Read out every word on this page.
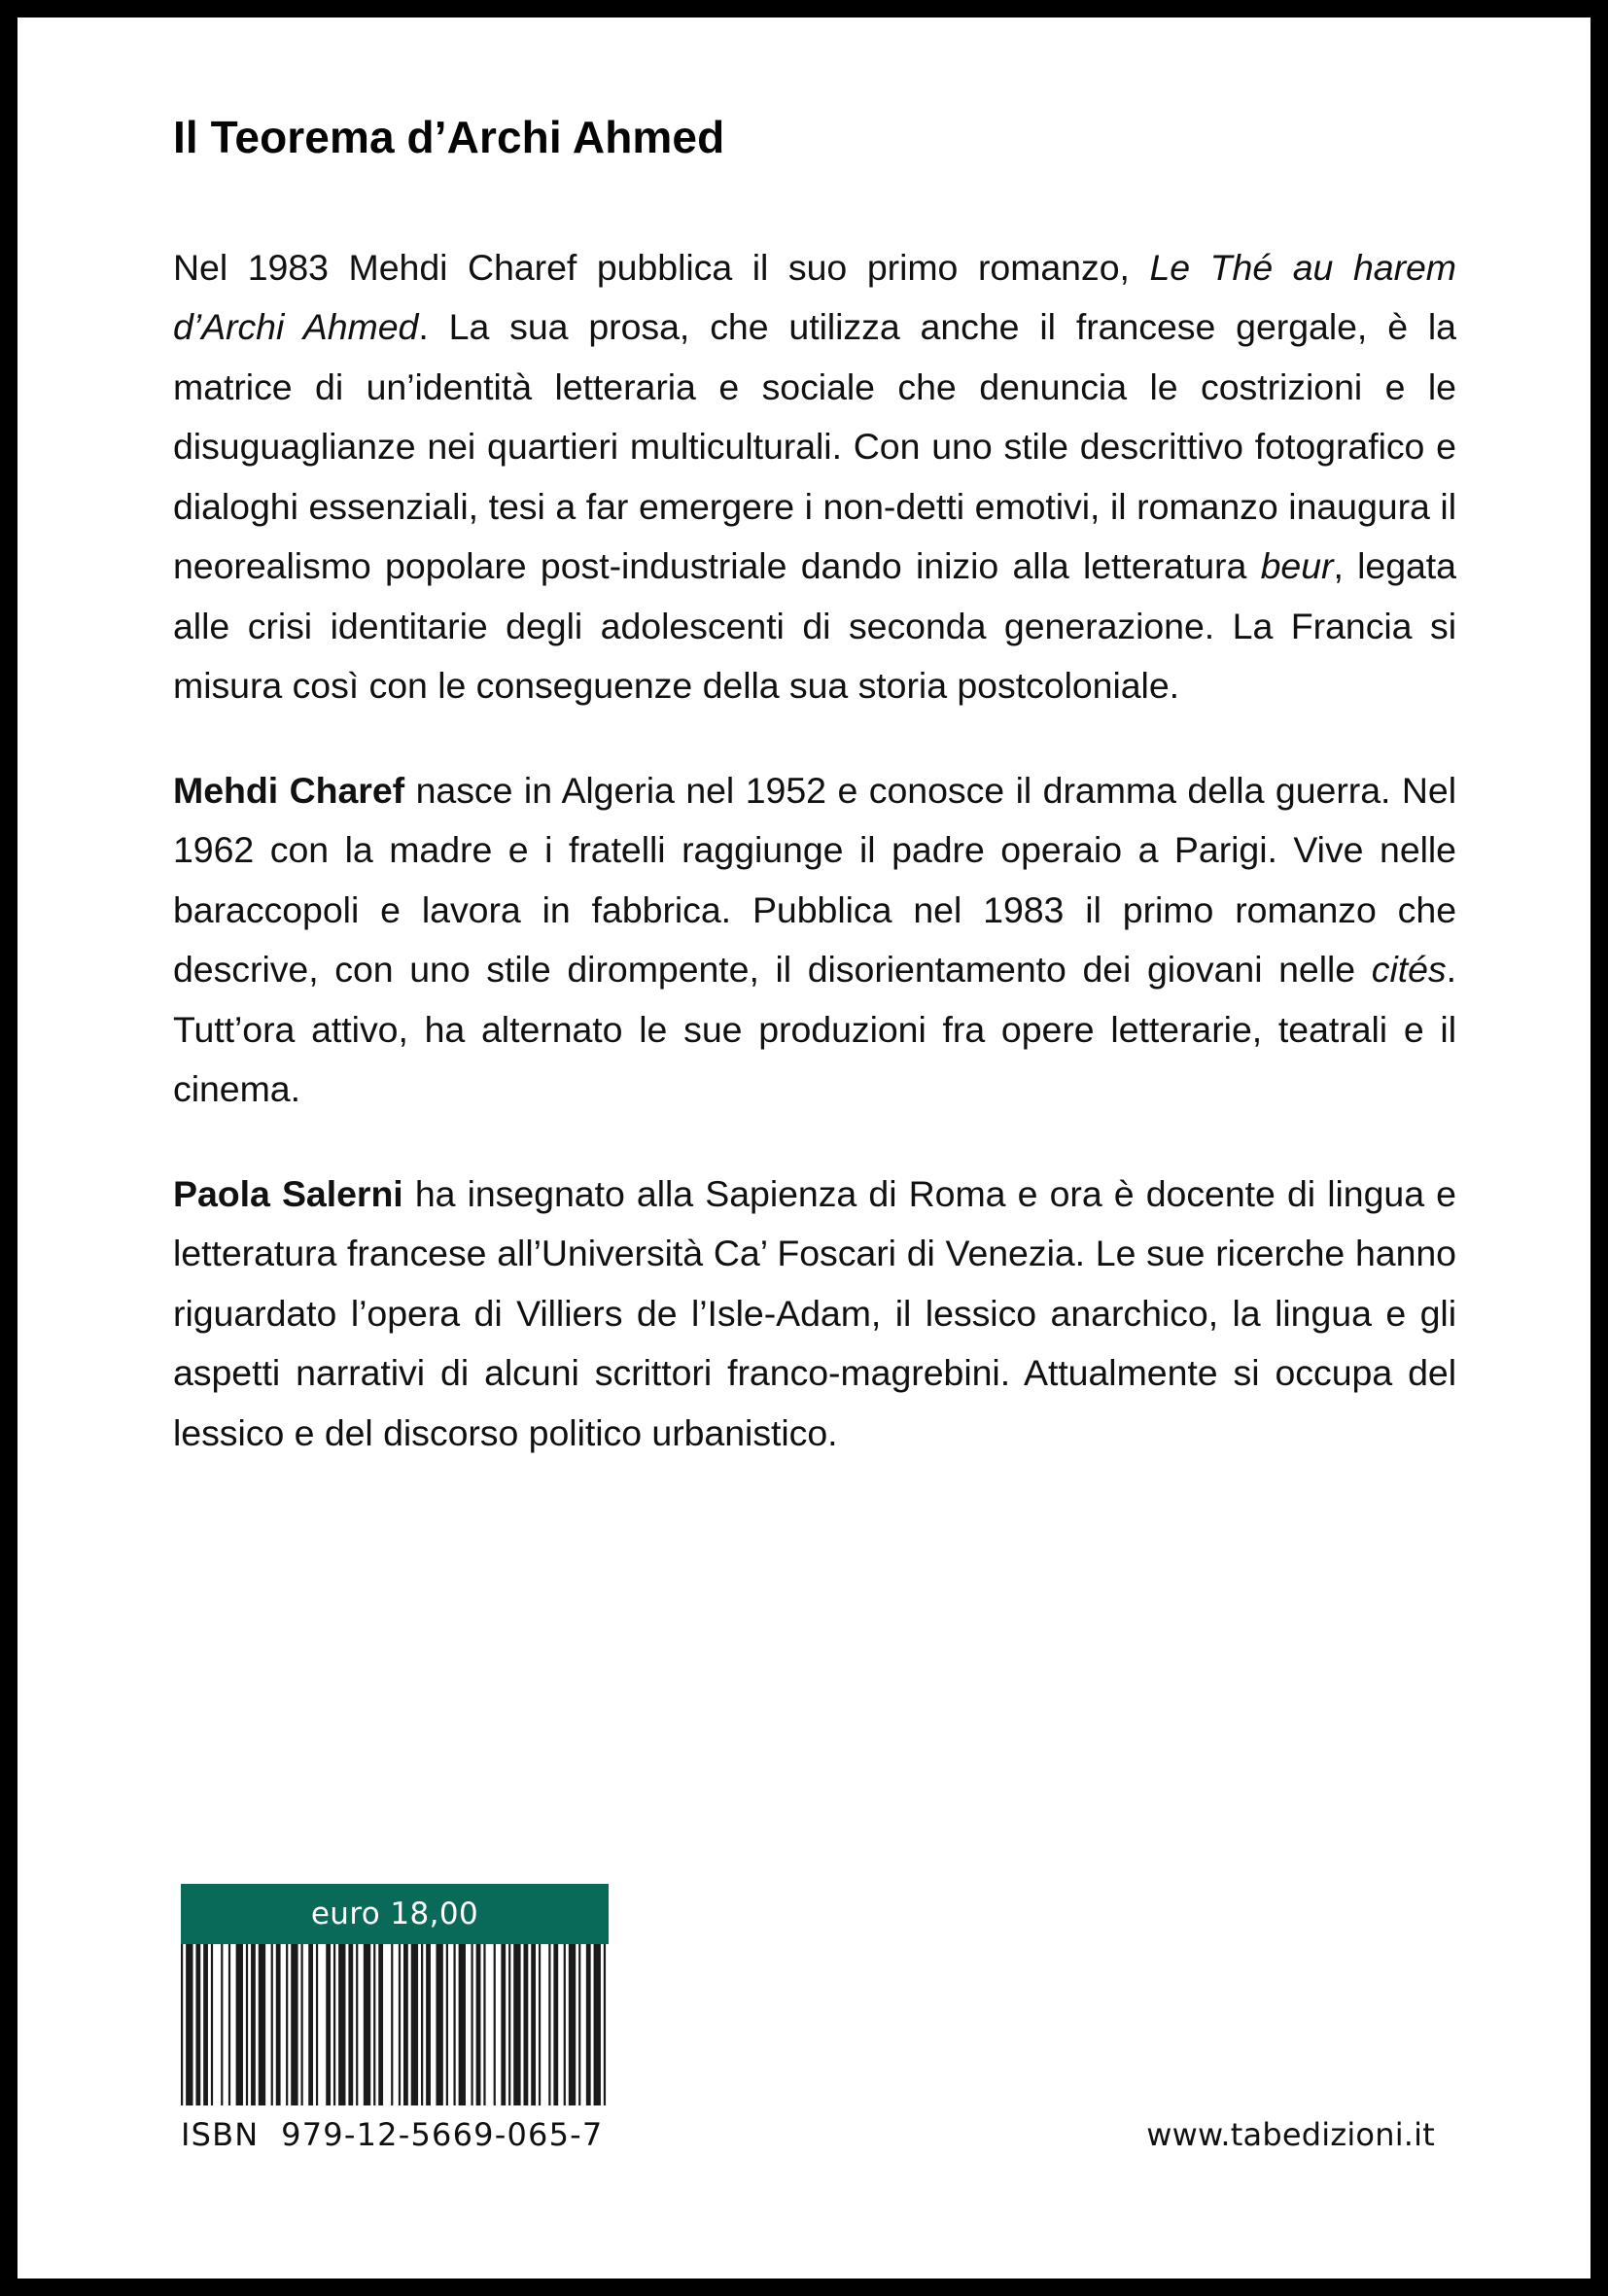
Il Teorema d’Archi Ahmed

Nel 1983 Mehdi Charef pubblica il suo primo romanzo, Le Thé au harem d’Archi Ahmed. La sua prosa, che utilizza anche il francese gergale, è la matrice di un’identità letteraria e sociale che denuncia le costrizioni e le disuguaglianze nei quartieri multiculturali. Con uno stile descrittivo fotografico e dialoghi essenziali, tesi a far emergere i non-detti emotivi, il romanzo inaugura il neorealismo popolare post-industriale dando inizio alla letteratura beur, legata alle crisi identitarie degli adolescenti di seconda generazione. La Francia si misura così con le conseguenze della sua storia postcoloniale.

Mehdi Charef nasce in Algeria nel 1952 e conosce il dramma della guerra. Nel 1962 con la madre e i fratelli raggiunge il padre operaio a Parigi. Vive nelle baraccopoli e lavora in fabbrica. Pubblica nel 1983 il primo romanzo che descrive, con uno stile dirompente, il disorientamento dei giovani nelle cités. Tutt’ora attivo, ha alternato le sue produzioni fra opere letterarie, teatrali e il cinema.

Paola Salerni ha insegnato alla Sapienza di Roma e ora è docente di lingua e letteratura francese all’Università Ca’ Foscari di Venezia. Le sue ricerche hanno riguardato l’opera di Villiers de l’Isle-Adam, il lessico anarchico, la lingua e gli aspetti narrativi di alcuni scrittori franco-magrebini. Attualmente si occupa del lessico e del discorso politico urbanistico.

euro 18,00
ISBN  979-12-5669-065-7	www.tabedizioni.it
